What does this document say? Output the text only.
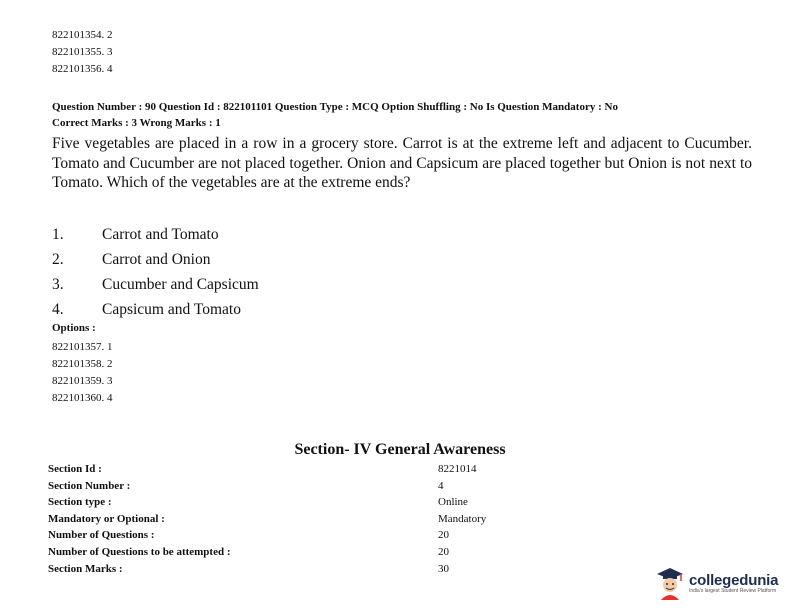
822101354. 2
822101355. 3
822101356. 4
Question Number : 90 Question Id : 822101101 Question Type : MCQ Option Shuffling : No Is Question Mandatory : No
Correct Marks : 3 Wrong Marks : 1
Five vegetables are placed in a row in a grocery store. Carrot is at the extreme left and adjacent to Cucumber. Tomato and Cucumber are not placed together. Onion and Capsicum are placed together but Onion is not next to Tomato. Which of the vegetables are at the extreme ends?
1.	Carrot and Tomato
2.	Carrot and Onion
3.	Cucumber and Capsicum
4.	Capsicum and Tomato
Options :
822101357. 1
822101358. 2
822101359. 3
822101360. 4
Section- IV General Awareness
Section Id :	8221014
Section Number :	4
Section type :	Online
Mandatory or Optional :	Mandatory
Number of Questions :	20
Number of Questions to be attempted :	20
Section Marks :	30
collegedunia
India's largest Student Review Platform
